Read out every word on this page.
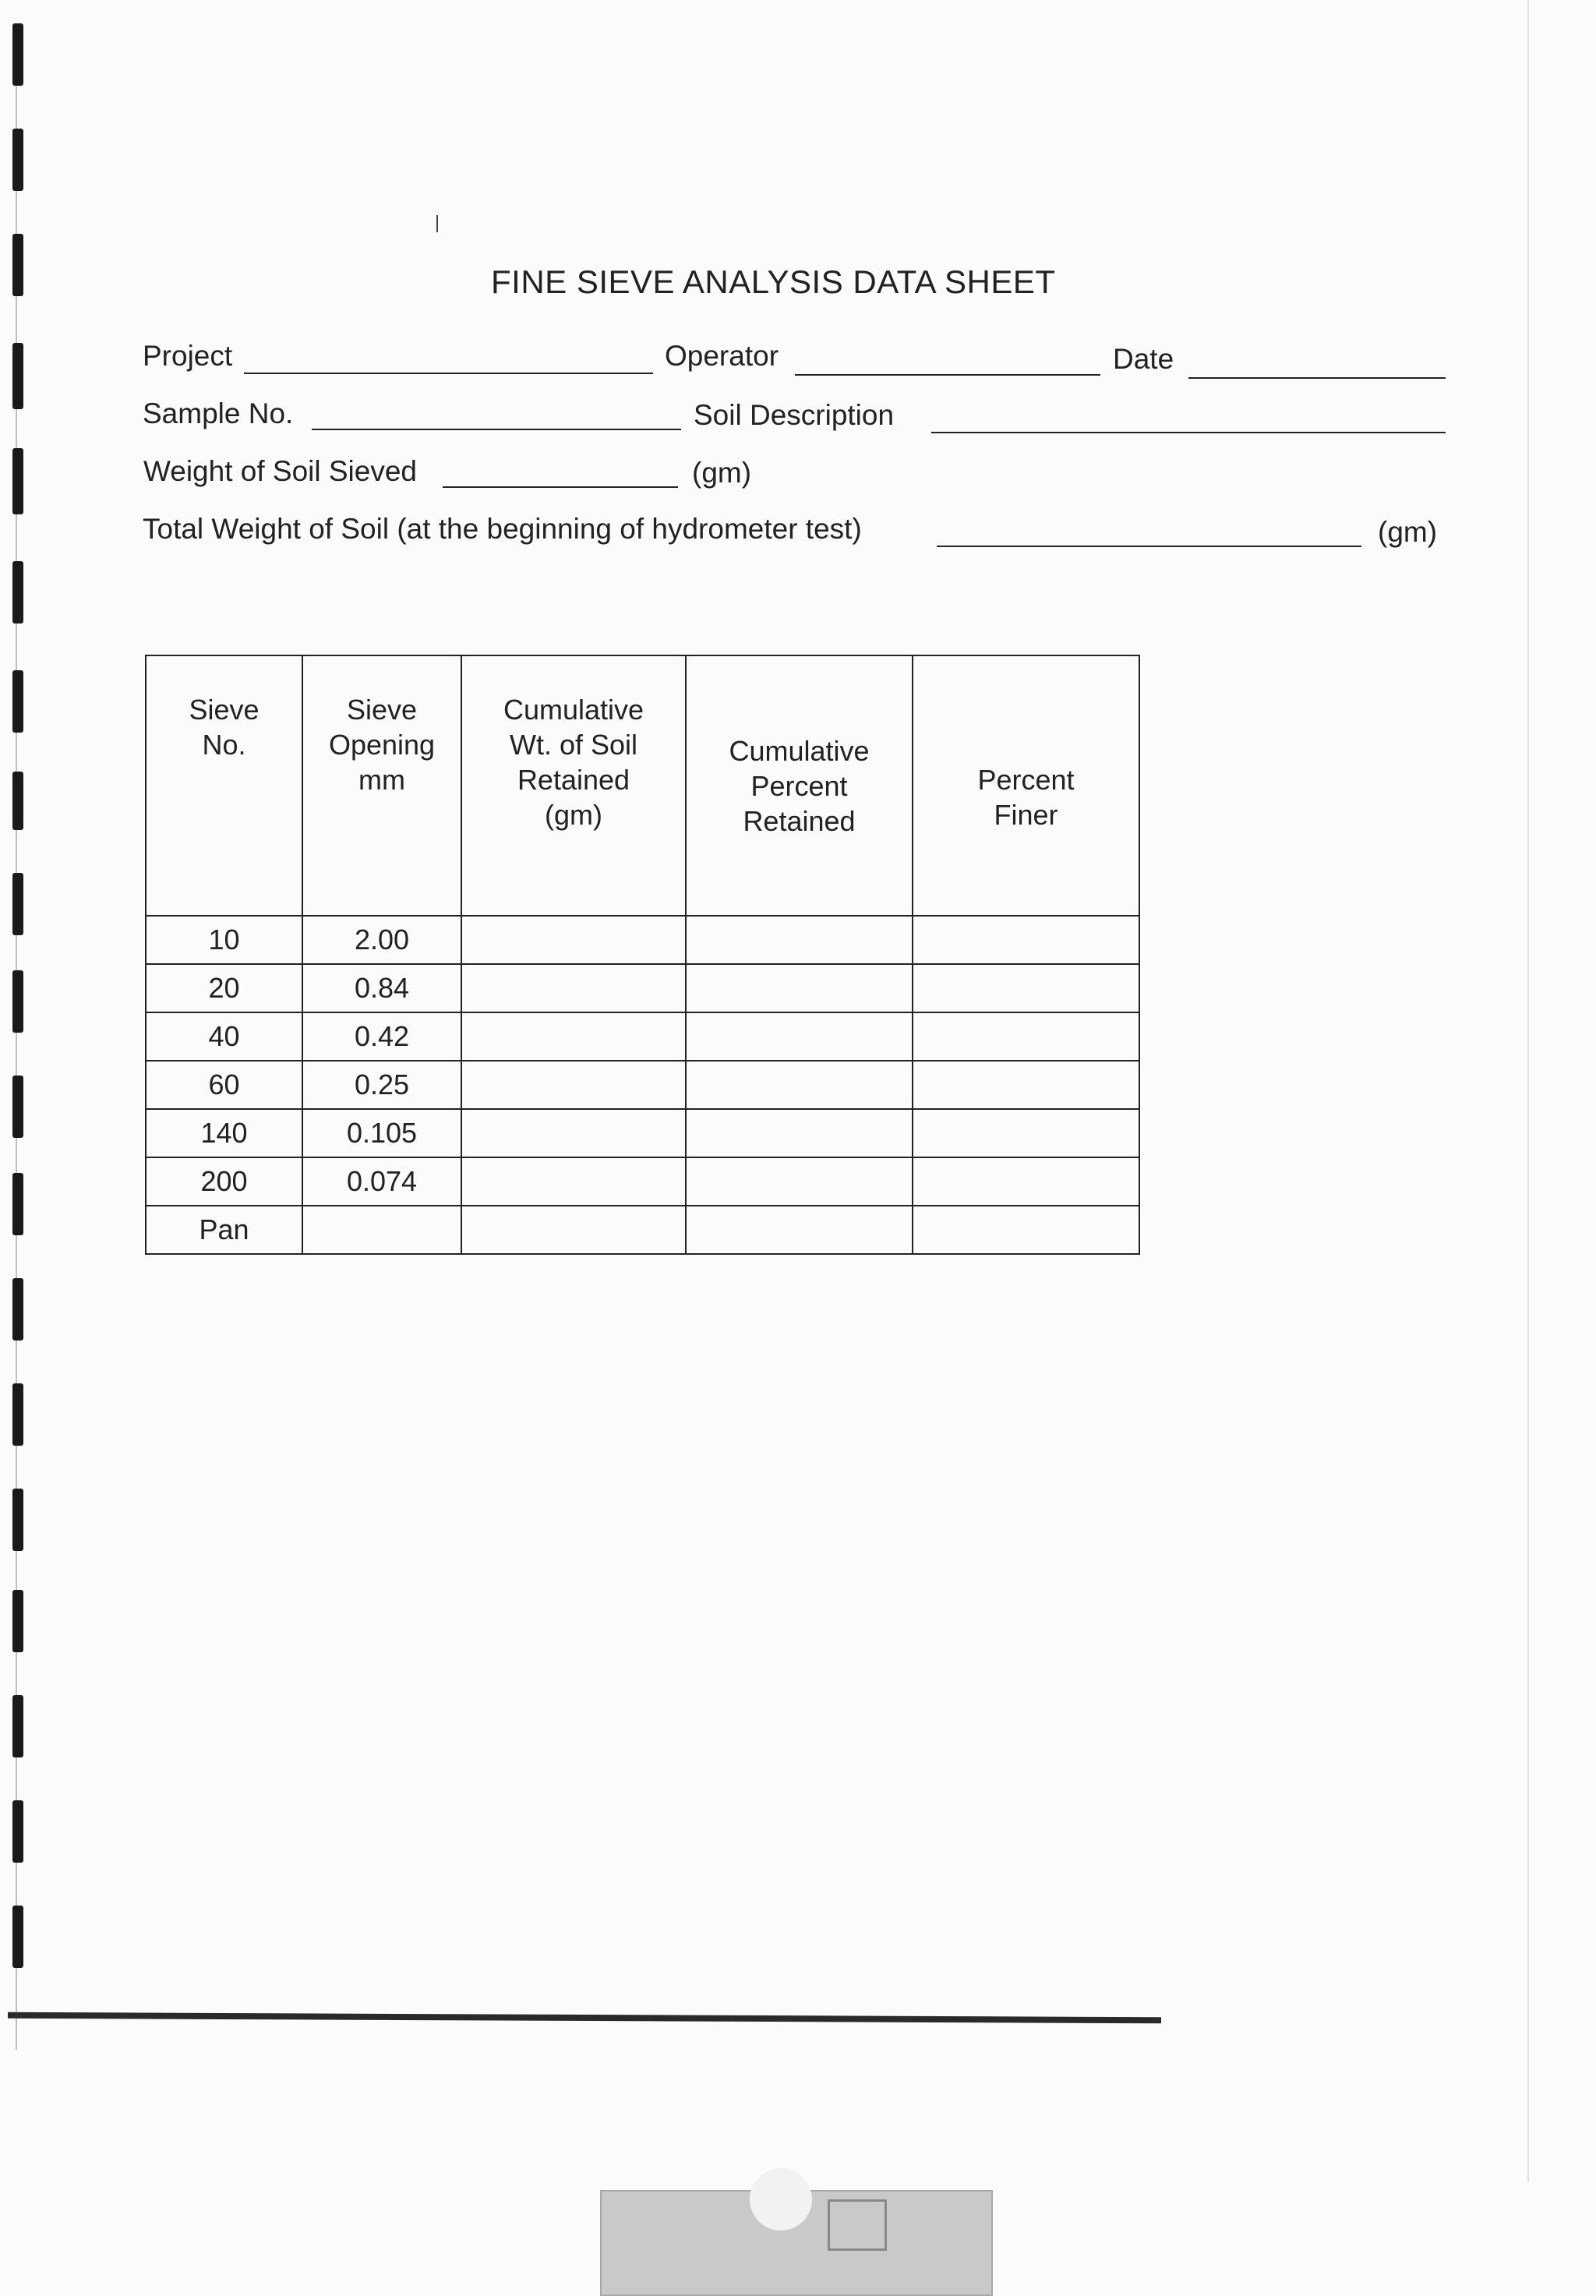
FINE SIEVE ANALYSIS DATA SHEET
Project	Operator	Date
Sample No.	Soil Description
Weight of Soil Sieved	(gm)
Total Weight of Soil (at the beginning of hydrometer test)	(gm)
Sieve No.	Sieve Opening mm	Cumulative Wt. of Soil Retained (gm)	Cumulative Percent Retained	Percent Finer

10	2.00			
20	0.84			
40	0.42			
60	0.25			
140	0.105			
200	0.074			
Pan				
